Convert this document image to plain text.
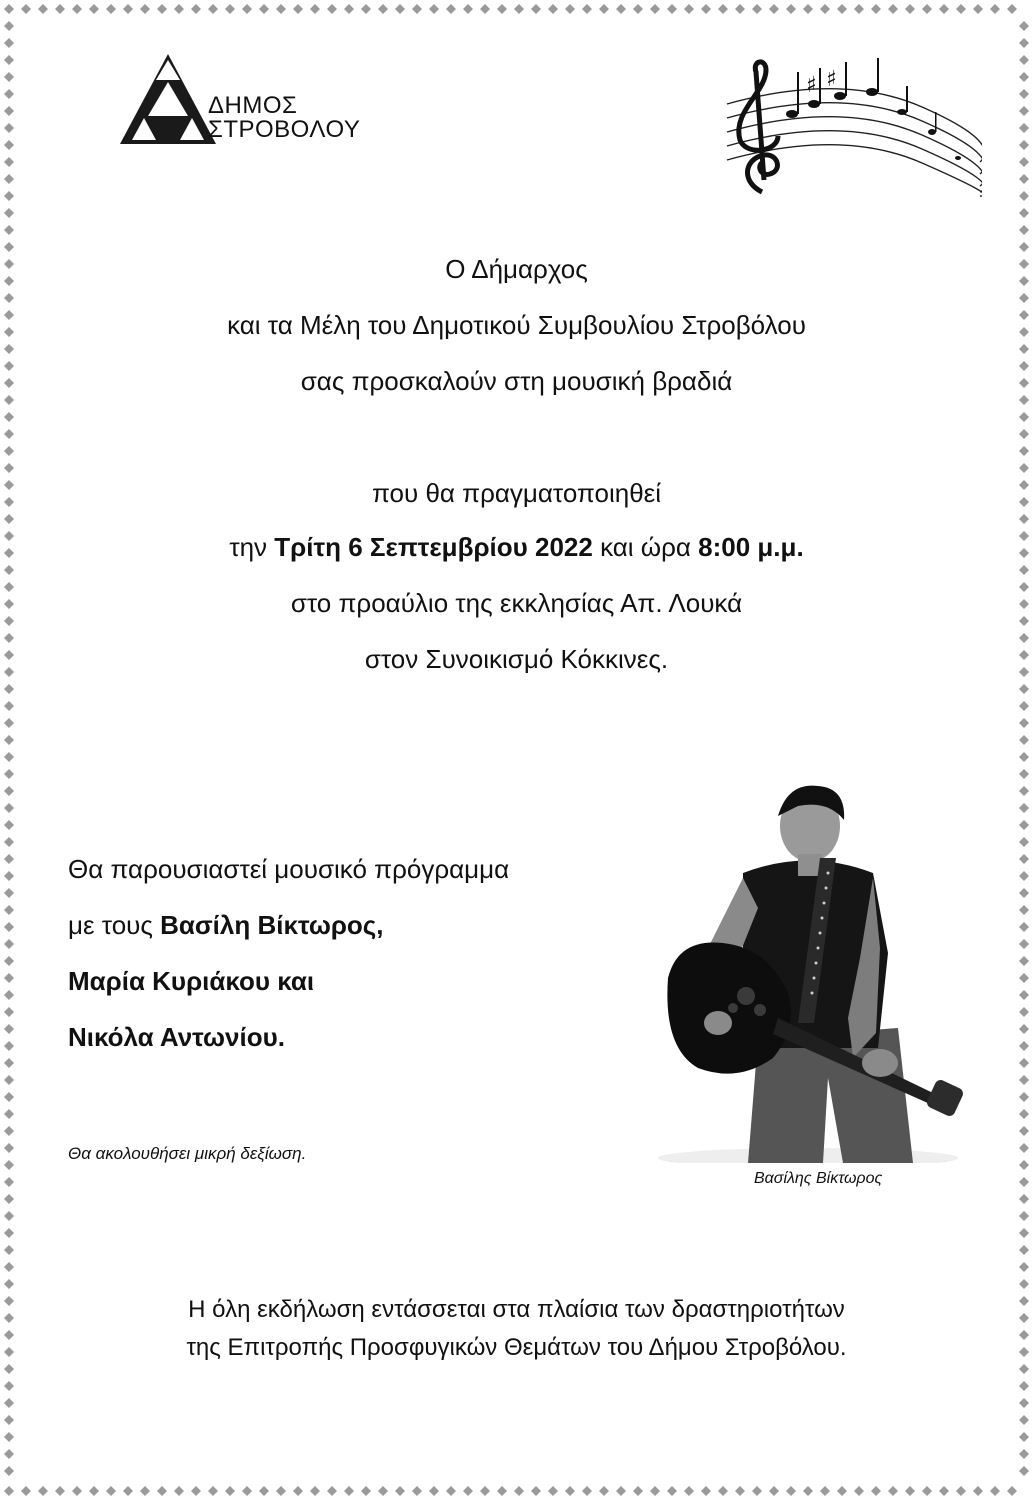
ΔΗΜΟΣ
ΣΤΡΟΒΟΛΟΥ
♯ ♯
Ο Δήμαρχος
και τα Μέλη του Δημοτικού Συμβουλίου Στροβόλου
σας προσκαλούν στη μουσική βραδιά
που θα πραγματοποιηθεί
την Τρίτη 6 Σεπτεμβρίου 2022 και ώρα 8:00 μ.μ.
στο προαύλιο της εκκλησίας Απ. Λουκά
στον Συνοικισμό Κόκκινες.
Θα παρουσιαστεί μουσικό πρόγραμμα
με τους Βασίλη Βίκτωρος,
Μαρία Κυριάκου και
Νικόλα Αντωνίου.
Θα ακολουθήσει μικρή δεξίωση.
Βασίλης Βίκτωρος
Η όλη εκδήλωση εντάσσεται στα πλαίσια των δραστηριοτήτων
της Επιτροπής Προσφυγικών Θεμάτων του Δήμου Στροβόλου.
